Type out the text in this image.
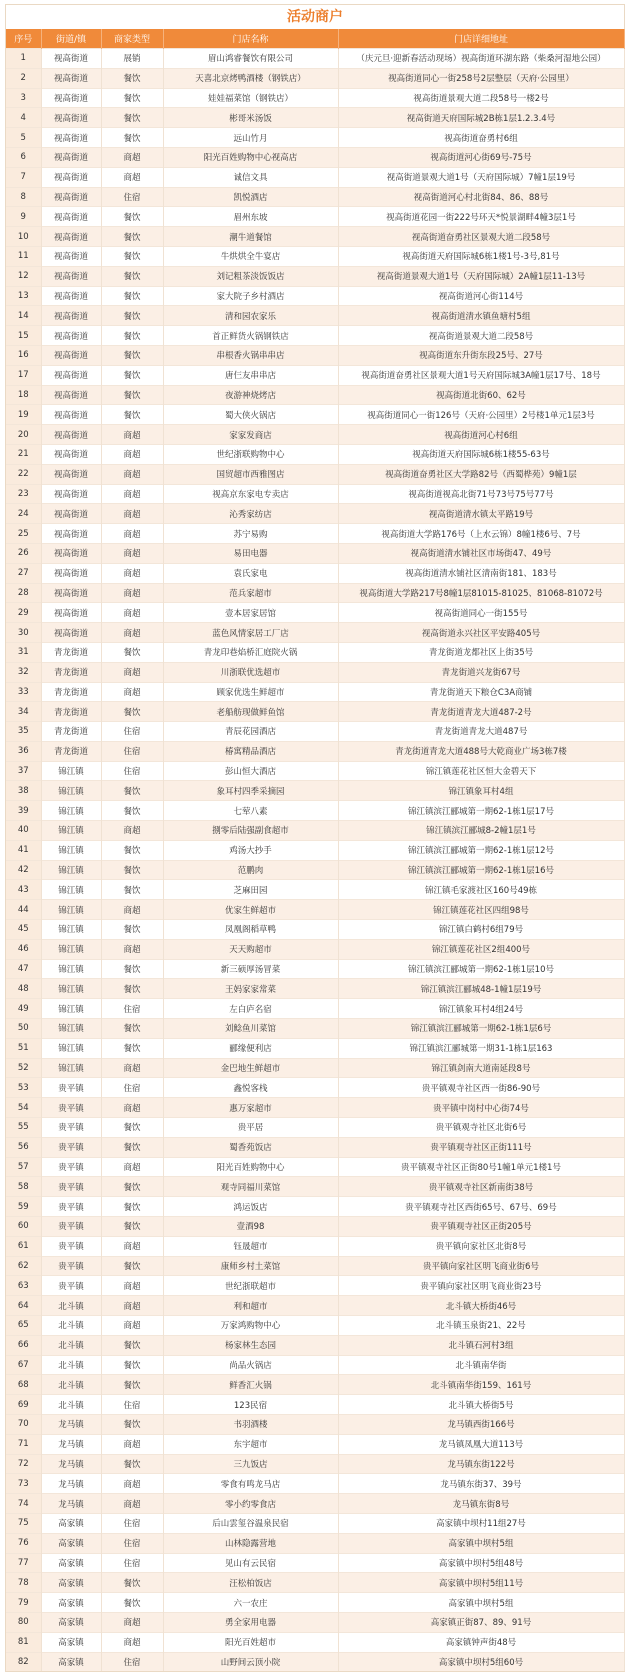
活动商户
序号	街道/镇	商家类型	门店名称	门店详细地址
1	视高街道	展销	眉山鸿睿餐饮有限公司	（庆元旦·迎新春活动现场）视高街道环湖东路（柴桑河湿地公园）
2	视高街道	餐饮	天喜北京烤鸭酒楼（钢铁店）	视高街道同心一街258号2层整层（天府·公园里）
3	视高街道	餐饮	娃娃福菜馆（钢铁店）	视高街道景观大道二段58号一楼2号
4	视高街道	餐饮	彬哥米汤饭	视高街道天府国际城2B栋1层1.2.3.4号
5	视高街道	餐饮	远山竹月	视高街道奋勇村6组
6	视高街道	商超	阳光百姓购物中心视高店	视高街道河心街69号-75号
7	视高街道	商超	诚信文具	视高街道景观大道1号（天府国际城）7幢1层19号
8	视高街道	住宿	凯悦酒店	视高街道河心村北街84、86、88号
9	视高街道	餐饮	眉州东坡	视高街道花园一街222号环天*悦景湖畔4幢3层1号
10	视高街道	餐饮	潮牛道餐馆	视高街道奋勇社区景观大道二段58号
11	视高街道	餐饮	牛烘烘全牛宴店	视高街道天府国际城6栋1楼1号-3号,81号
12	视高街道	餐饮	刘记粗茶淡饭饭店	视高街道景观大道1号（天府国际城）2A幢1层11-13号
13	视高街道	餐饮	家大院子乡村酒店	视高街道河心街114号
14	视高街道	餐饮	清和园农家乐	视高街道清水镇鱼塘村5组
15	视高街道	餐饮	首正鲜货火锅钢铁店	视高街道景观大道二段58号
16	视高街道	餐饮	串根香火锅串串店	视高街道东升街东段25号、27号
17	视高街道	餐饮	唐仨友串串店	视高街道奋勇社区景观大道1号天府国际城3A幢1层17号、18号
18	视高街道	餐饮	夜游神烧烤店	视高街道北街60、62号
19	视高街道	餐饮	蜀大侠火锅店	视高街道同心一街126号（天府·公园里）2号楼1单元1层3号
20	视高街道	商超	家家发商店	视高街道河心村6组
21	视高街道	商超	世纪浙联购物中心	视高街道天府国际城6栋1楼55-63号
22	视高街道	商超	国贸超市西雅图店	视高街道奋勇社区大学路82号（西蜀桦苑）9幢1层
23	视高街道	商超	视高京东家电专卖店	视高街道视高北街71号73号75号77号
24	视高街道	商超	沁秀家纺店	视高街道清水镇太平路19号
25	视高街道	商超	苏宁易购	视高街道大学路176号（上水云锦）8幢1楼6号、7号
26	视高街道	商超	易田电器	视高街道清水铺社区市场街47、49号
27	视高街道	商超	袁氏家电	视高街道清水铺社区清南街181、183号
28	视高街道	商超	范兵家超市	视高街道大学路217号8幢1层81015-81025、81068-81072号
29	视高街道	商超	壹本居家居馆	视高街道同心一街155号
30	视高街道	商超	蓝色风情家居工厂店	视高街道永兴社区平安路405号
31	青龙街道	餐饮	青龙印巷焰桥汇庭院火锅	青龙街道龙都社区上街35号
32	青龙街道	商超	川浙联优选超市	青龙街道兴龙街67号
33	青龙街道	商超	顾家优选生鲜超市	青龙街道天下粮仓C3A商铺
34	青龙街道	餐饮	老船舫现做鲜鱼馆	青龙街道青龙大道487-2号
35	青龙街道	住宿	青辰花园酒店	青龙街道青龙大道487号
36	青龙街道	住宿	椿寓精品酒店	青龙街道青龙大道488号大乾商业广场3栋7楼
37	锦江镇	住宿	彭山恒大酒店	锦江镇莲花社区恒大金碧天下
38	锦江镇	餐饮	象耳村四季采摘园	锦江镇象耳村4组
39	锦江镇	餐饮	七荤八素	锦江镇滨江郦城第一期62-1栋1层17号
40	锦江镇	商超	捌零后陆强副食超市	锦江镇滨江郦城8-2幢1层1号
41	锦江镇	餐饮	鸡汤大抄手	锦江镇滨江郦城第一期62-1栋1层12号
42	锦江镇	餐饮	范鹏肉	锦江镇滨江郦城第一期62-1栋1层16号
43	锦江镇	餐饮	芝麻田园	锦江镇毛家渡社区160号49栋
44	锦江镇	商超	优家生鲜超市	锦江镇莲花社区四组98号
45	锦江镇	餐饮	凤凰阁稻草鸭	锦江镇白鹤村6组79号
46	锦江镇	商超	天天购超市	锦江镇莲花社区2组400号
47	锦江镇	餐饮	新三硕厚汤冒菜	锦江镇滨江郦城第一期62-1栋1层10号
48	锦江镇	餐饮	王妈家家常菜	锦江镇滨江郦城48-1幢1层19号
49	锦江镇	住宿	左白庐名宿	锦江镇象耳村4组24号
50	锦江镇	餐饮	刘鲶鱼川菜馆	锦江镇滨江郦城第一期62-1栋1层6号
51	锦江镇	餐饮	郦缘便利店	锦江镇滨江郦城第一期31-1栋1层163
52	锦江镇	商超	金巴地生鲜超市	锦江镇剑南大道南延段8号
53	贵平镇	住宿	鑫悦客栈	贵平镇观寺社区西一街86-90号
54	贵平镇	商超	惠万家超市	贵平镇中岗村中心街74号
55	贵平镇	餐饮	贵平居	贵平镇观寺社区北街6号
56	贵平镇	餐饮	蜀香苑饭店	贵平镇观寺社区正街111号
57	贵平镇	商超	阳光百姓购物中心	贵平镇观寺社区正街80号1幢1单元1楼1号
58	贵平镇	餐饮	观寺同福川菜馆	贵平镇观寺社区新南街38号
59	贵平镇	餐饮	鸿运饭店	贵平镇观寺社区西街65号、67号、69号
60	贵平镇	餐饮	壹酒98	贵平镇观寺社区正街205号
61	贵平镇	商超	钰晟超市	贵平镇向家社区北街8号
62	贵平镇	餐饮	康师乡村土菜馆	贵平镇向家社区明飞商业街6号
63	贵平镇	商超	世纪浙联超市	贵平镇向家社区明飞商业街23号
64	北斗镇	商超	利和超市	北斗镇大桥街46号
65	北斗镇	商超	万家鸿购物中心	北斗镇玉泉街21、22号
66	北斗镇	餐饮	杨家林生态园	北斗镇石河村3组
67	北斗镇	餐饮	尚品火锅店	北斗镇南华街
68	北斗镇	餐饮	鲜香汇火锅	北斗镇南华街159、161号
69	北斗镇	住宿	123民宿	北斗镇大桥街5号
70	龙马镇	餐饮	书羽酒楼	龙马镇西街166号
71	龙马镇	商超	东宇超市	龙马镇凤凰大道113号
72	龙马镇	餐饮	三九饭店	龙马镇东街122号
73	龙马镇	商超	零食有鸣龙马店	龙马镇东街37、39号
74	龙马镇	商超	零小约零食店	龙马镇东街8号
75	高家镇	住宿	后山雲玺谷温泉民宿	高家镇中坝村11组27号
76	高家镇	住宿	山林隐露营地	高家镇中坝村5组
77	高家镇	住宿	见山有云民宿	高家镇中坝村5组48号
78	高家镇	餐饮	汪松柏饭店	高家镇中坝村5组11号
79	高家镇	餐饮	六一农庄	高家镇中坝村5组
80	高家镇	商超	勇全家用电器	高家镇正街87、89、91号
81	高家镇	商超	阳光百姓超市	高家镇钟声街48号
82	高家镇	住宿	山野间云顶小院	高家镇中坝村5组60号
